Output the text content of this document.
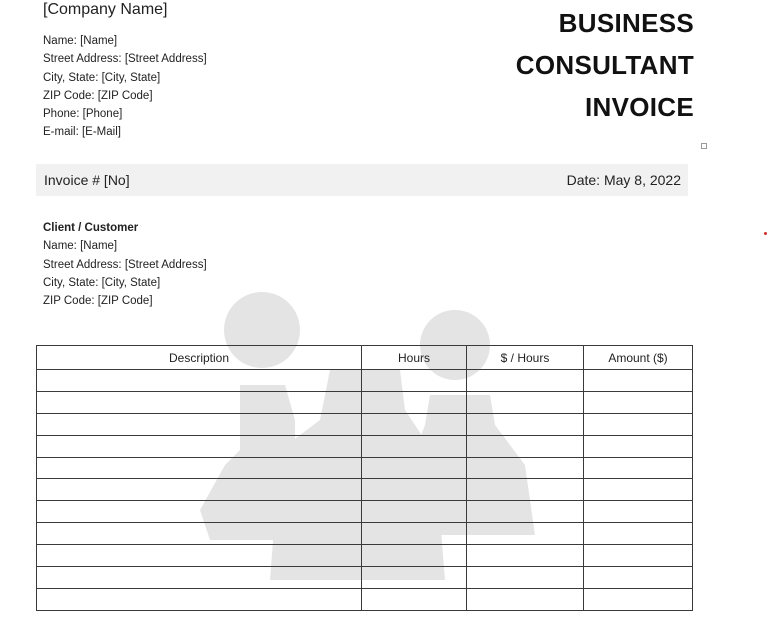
[Company Name]
Name: [Name]
Street Address: [Street Address]
City, State: [City, State]
ZIP Code: [ZIP Code]
Phone: [Phone]
E-mail: [E-Mail]
BUSINESS
CONSULTANT
INVOICE
Invoice # [No]	Date: May 8, 2022
Client / Customer
Name: [Name]
Street Address: [Street Address]
City, State: [City, State]
ZIP Code: [ZIP Code]
Description	Hours	$ / Hours	Amount ($)
